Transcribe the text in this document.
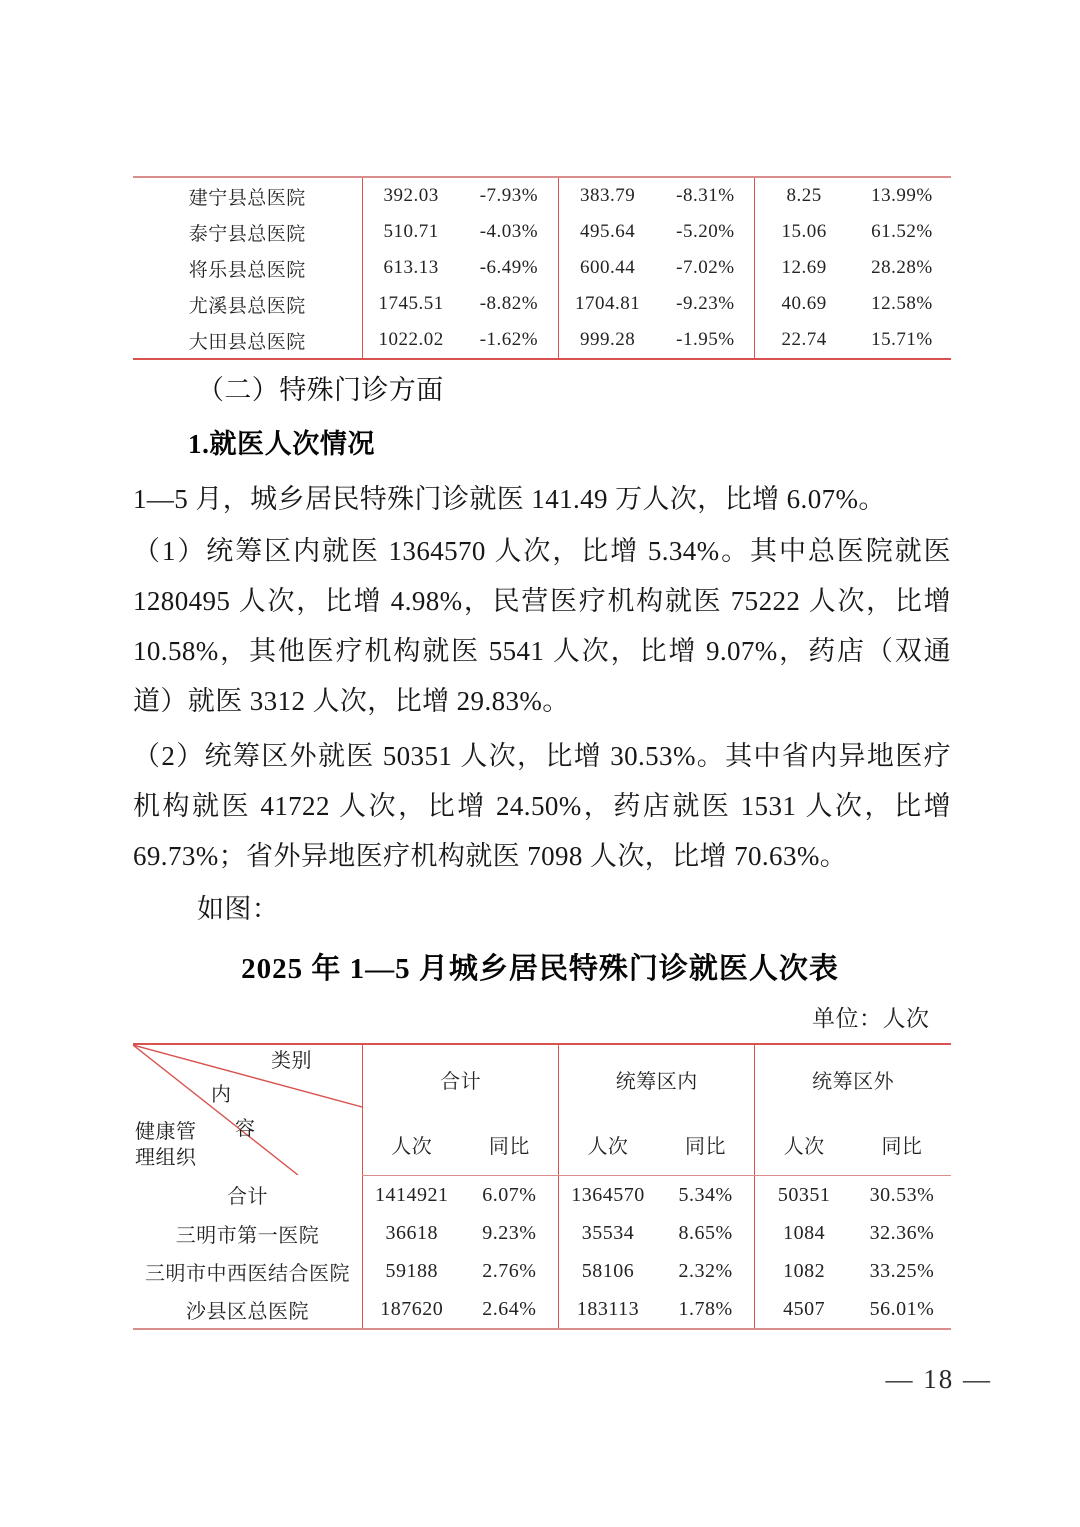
建宁县总医院	392.03	-7.93%	383.79	-8.31%	8.25	13.99%
泰宁县总医院	510.71	-4.03%	495.64	-5.20%	15.06	61.52%
将乐县总医院	613.13	-6.49%	600.44	-7.02%	12.69	28.28%
尤溪县总医院	1745.51	-8.82%	1704.81	-9.23%	40.69	12.58%
大田县总医院	1022.02	-1.62%	999.28	-1.95%	22.74	15.71%
（二）特殊门诊方面
1.就医人次情况
1—5 月，城乡居民特殊门诊就医 141.49 万人次，比增 6.07%。
（1）统筹区内就医 1364570 人次，比增 5.34%。其中总医院就医 1280495 人次，比增 4.98%，民营医疗机构就医 75222 人次，比增 10.58%，其他医疗机构就医 5541 人次，比增 9.07%，药店（双通道）就医 3312 人次，比增 29.83%。
（2）统筹区外就医 50351 人次，比增 30.53%。其中省内异地医疗机构就医 41722 人次，比增 24.50%，药店就医 1531 人次，比增 69.73%；省外异地医疗机构就医 7098 人次，比增 70.63%。
如图：
2025 年 1—5 月城乡居民特殊门诊就医人次表
单位：人次
类别
内
容
健康管
理组织	合计		统筹区内		统筹区外	
	人次	同比	人次	同比	人次	同比
合计	1414921	6.07%	1364570	5.34%	50351	30.53%
三明市第一医院	36618	9.23%	35534	8.65%	1084	32.36%
三明市中西医结合医院	59188	2.76%	58106	2.32%	1082	33.25%
沙县区总医院	187620	2.64%	183113	1.78%	4507	56.01%
— 18 —
